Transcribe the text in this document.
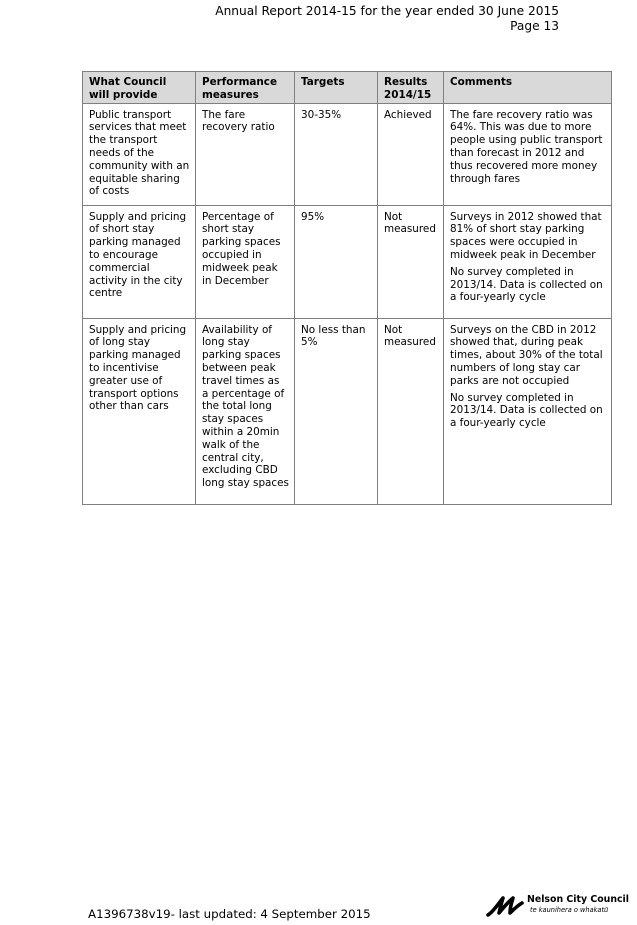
Annual Report 2014-15 for the year ended 30 June 2015
Page 13
What Council will provide	Performance measures	Targets	Results 2014/15	Comments
Public transport services that meet the transport needs of the community with an equitable sharing of costs	The fare recovery ratio	30-35%	Achieved	The fare recovery ratio was 64%. This was due to more people using public transport than forecast in 2012 and thus recovered more money through fares

Supply and pricing of short stay parking managed to encourage commercial activity in the city centre	Percentage of short stay parking spaces occupied in midweek peak in December	95%	Not measured	Surveys in 2012 showed that 81% of short stay parking spaces were occupied in midweek peak in December

No survey completed in 2013/14. Data is collected on a four-yearly cycle

Supply and pricing of long stay parking managed to incentivise greater use of transport options other than cars	Availability of long stay parking spaces between peak travel times as a percentage of the total long stay spaces within a 20min walk of the central city, excluding CBD long stay spaces	No less than 5%	Not measured	Surveys on the CBD in 2012 showed that, during peak times, about 30% of the total numbers of long stay car parks are not occupied

No survey completed in 2013/14. Data is collected on a four-yearly cycle

A1396738v19- last updated: 4 September 2015
Nelson City Council
te kaunihera o whakatū
